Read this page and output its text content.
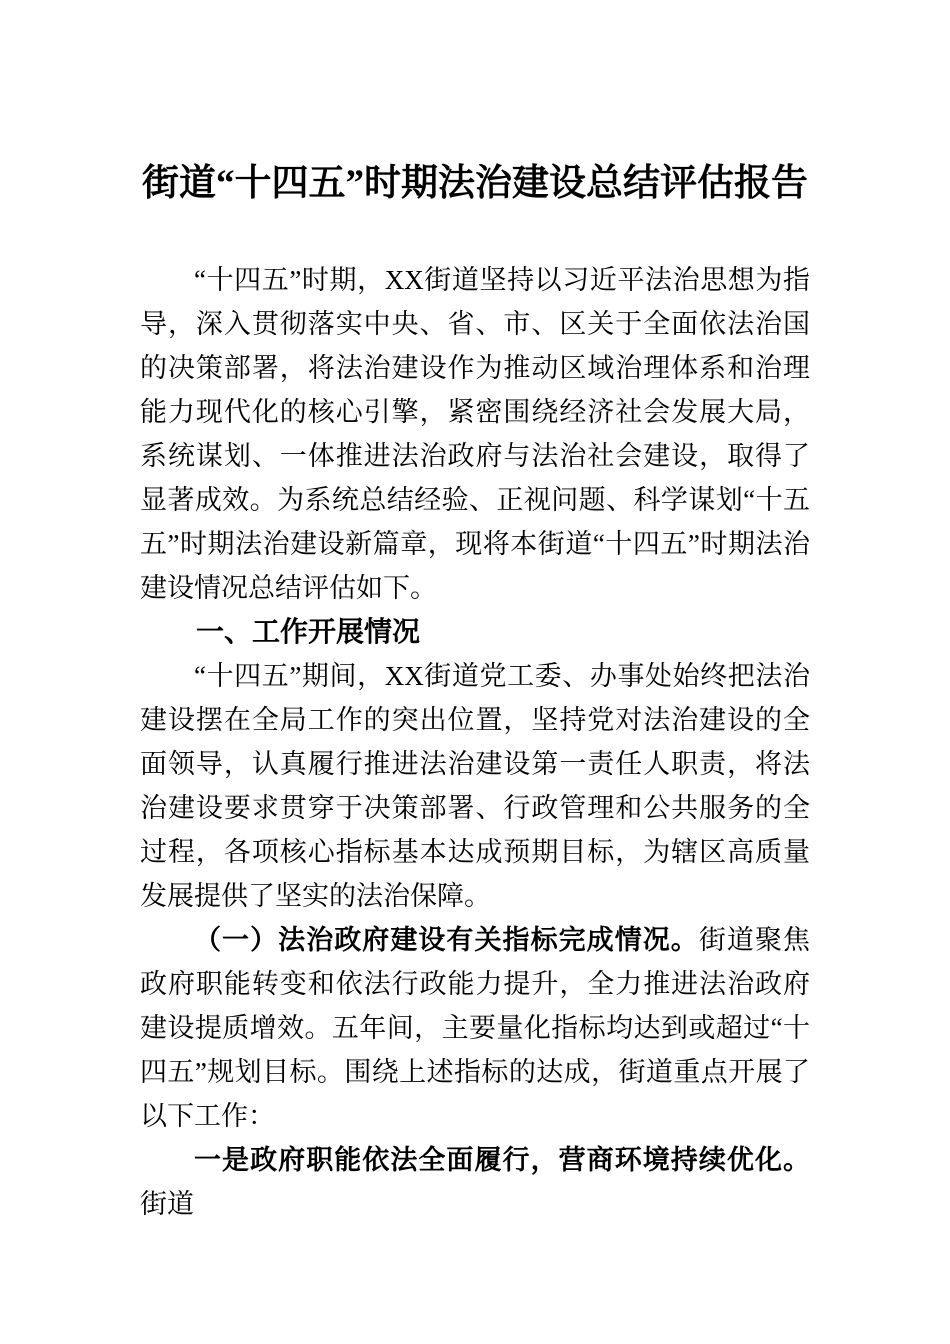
街道“十四五”时期法治建设总结评估报告

“十四五”时期，XX街道坚持以习近平法治思想为指导，深入贯彻落实中央、省、市、区关于全面依法治国的决策部署，将法治建设作为推动区域治理体系和治理能力现代化的核心引擎，紧密围绕经济社会发展大局，系统谋划、一体推进法治政府与法治社会建设，取得了显著成效。为系统总结经验、正视问题、科学谋划“十五五”时期法治建设新篇章，现将本街道“十四五”时期法治建设情况总结评估如下。

一、工作开展情况

“十四五”期间，XX街道党工委、办事处始终把法治建设摆在全局工作的突出位置，坚持党对法治建设的全面领导，认真履行推进法治建设第一责任人职责，将法治建设要求贯穿于决策部署、行政管理和公共服务的全过程，各项核心指标基本达成预期目标，为辖区高质量发展提供了坚实的法治保障。

（一）法治政府建设有关指标完成情况。街道聚焦政府职能转变和依法行政能力提升，全力推进法治政府建设提质增效。五年间，主要量化指标均达到或超过“十四五”规划目标。围绕上述指标的达成，街道重点开展了以下工作：

一是政府职能依法全面履行，营商环境持续优化。街道
